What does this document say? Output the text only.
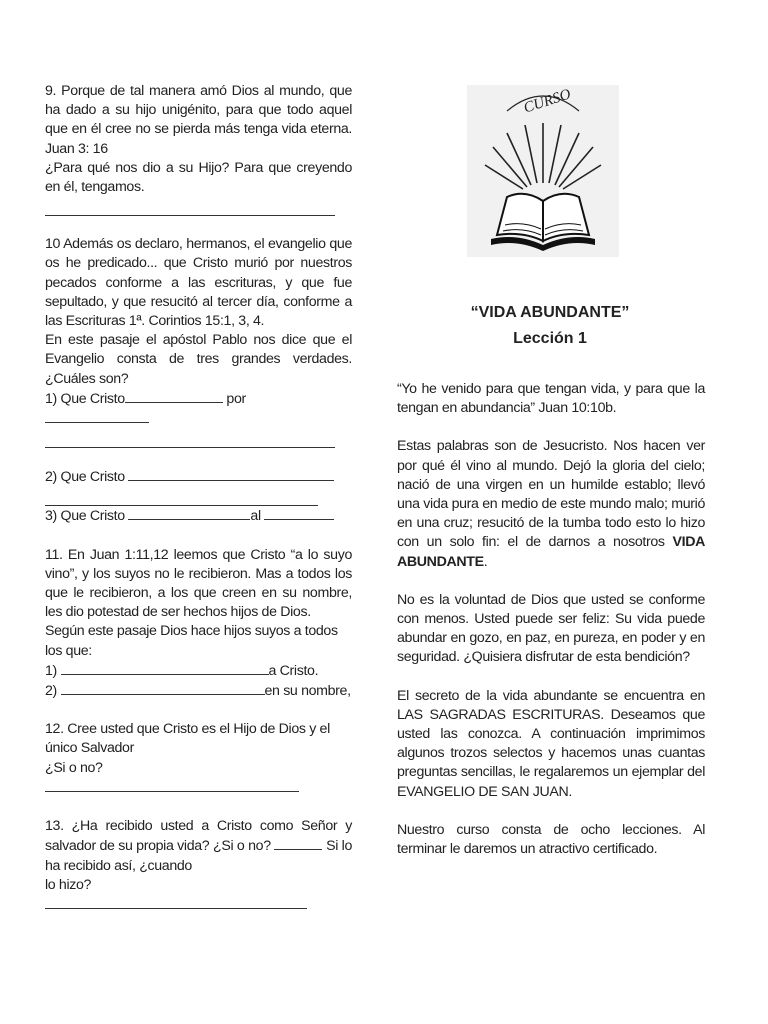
9. Porque de tal manera amó Dios al mundo, que ha dado a su hijo unigénito, para que todo aquel que en él cree no se pierda más tenga vida eterna. Juan 3: 16

¿Para qué nos dio a su Hijo? Para que creyendo en él, tengamos.

10 Además os declaro, hermanos, el evangelio que os he predicado... que Cristo murió por nuestros pecados conforme a las escrituras, y que fue sepultado, y que resucitó al tercer día, conforme a las Escrituras 1ª. Corintios 15:1, 3, 4.

En este pasaje el apóstol Pablo nos dice que el Evangelio consta de tres grandes verdades. ¿Cuáles son?

1) Que Cristo	por

2) Que Cristo

3) Que Cristo	al

11. En Juan 1:11,12 leemos que Cristo “a lo suyo vino”, y los suyos no le recibieron. Mas a todos los que le recibieron, a los que creen en su nombre, les dio potestad de ser hechos hijos de Dios.

Según este pasaje Dios hace hijos suyos a todos los que:

1)	a Cristo.

2)	en su nombre,

12. Cree usted que Cristo es el Hijo de Dios y el único Salvador

¿Si o no?

13. ¿Ha recibido usted a Cristo como Señor y salvador de su propia vida? ¿Si o no?	Si lo ha recibido así, ¿cuando

lo hizo?

CURSO
“VIDA ABUNDANTE”
Lección 1

“Yo he venido para que tengan vida, y para que la tengan en abundancia” Juan 10:10b.

Estas palabras son de Jesucristo. Nos hacen ver por qué él vino al mundo. Dejó la gloria del cielo; nació de una virgen en un humilde establo; llevó una vida pura en medio de este mundo malo; murió en una cruz; resucitó de la tumba todo esto lo hizo con un solo fin: el de darnos a nosotros VIDA ABUNDANTE.

No es la voluntad de Dios que usted se conforme con menos. Usted puede ser feliz: Su vida puede abundar en gozo, en paz, en pureza, en poder y en seguridad. ¿Quisiera disfrutar de esta bendición?

El secreto de la vida abundante se encuentra en LAS SAGRADAS ESCRITURAS. Deseamos que usted las conozca. A continuación imprimimos algunos trozos selectos y hacemos unas cuantas preguntas sencillas, le regalaremos un ejemplar del EVANGELIO DE SAN JUAN.

Nuestro curso consta de ocho lecciones. Al terminar le daremos un atractivo certificado.
